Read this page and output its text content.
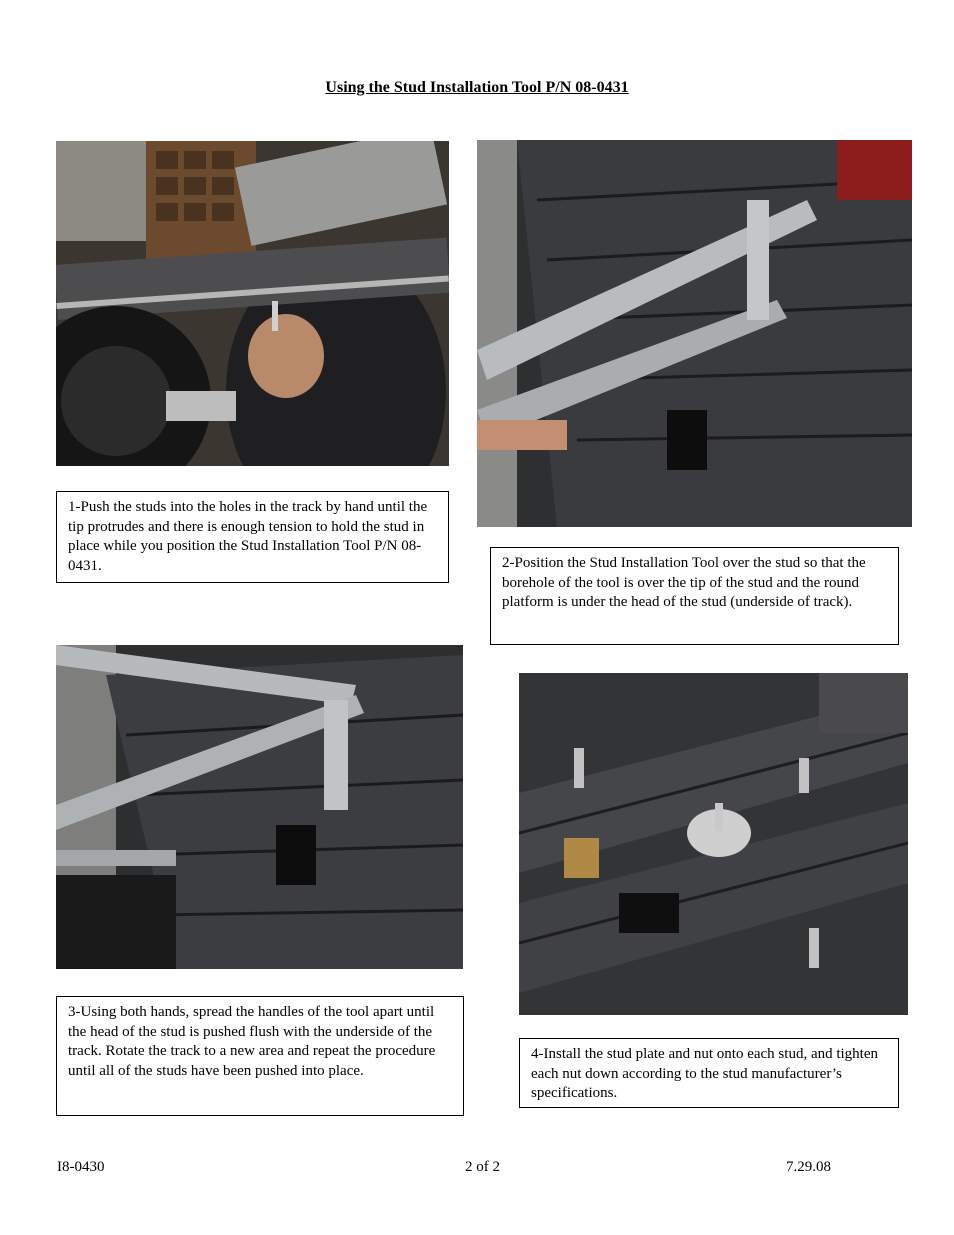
Using the Stud Installation Tool P/N 08-0431
1-Push the studs into the holes in the track by hand until the tip protrudes and there is enough tension to hold the stud in place while you position the Stud Installation Tool P/N 08-0431.	2-Position the Stud Installation Tool over the stud so that the borehole of the tool is over the tip of the stud and the round platform is under the head of the stud (underside of track).
3-Using both hands, spread the handles of the tool apart until the head of the stud is pushed flush with the underside of the track. Rotate the track to a new area and repeat the procedure until all of the studs have been pushed into place.
4-Install the stud plate and nut onto each stud, and tighten each nut down according to the stud manufacturer’s specifications.
I8-0430	2 of 2	7.29.08
